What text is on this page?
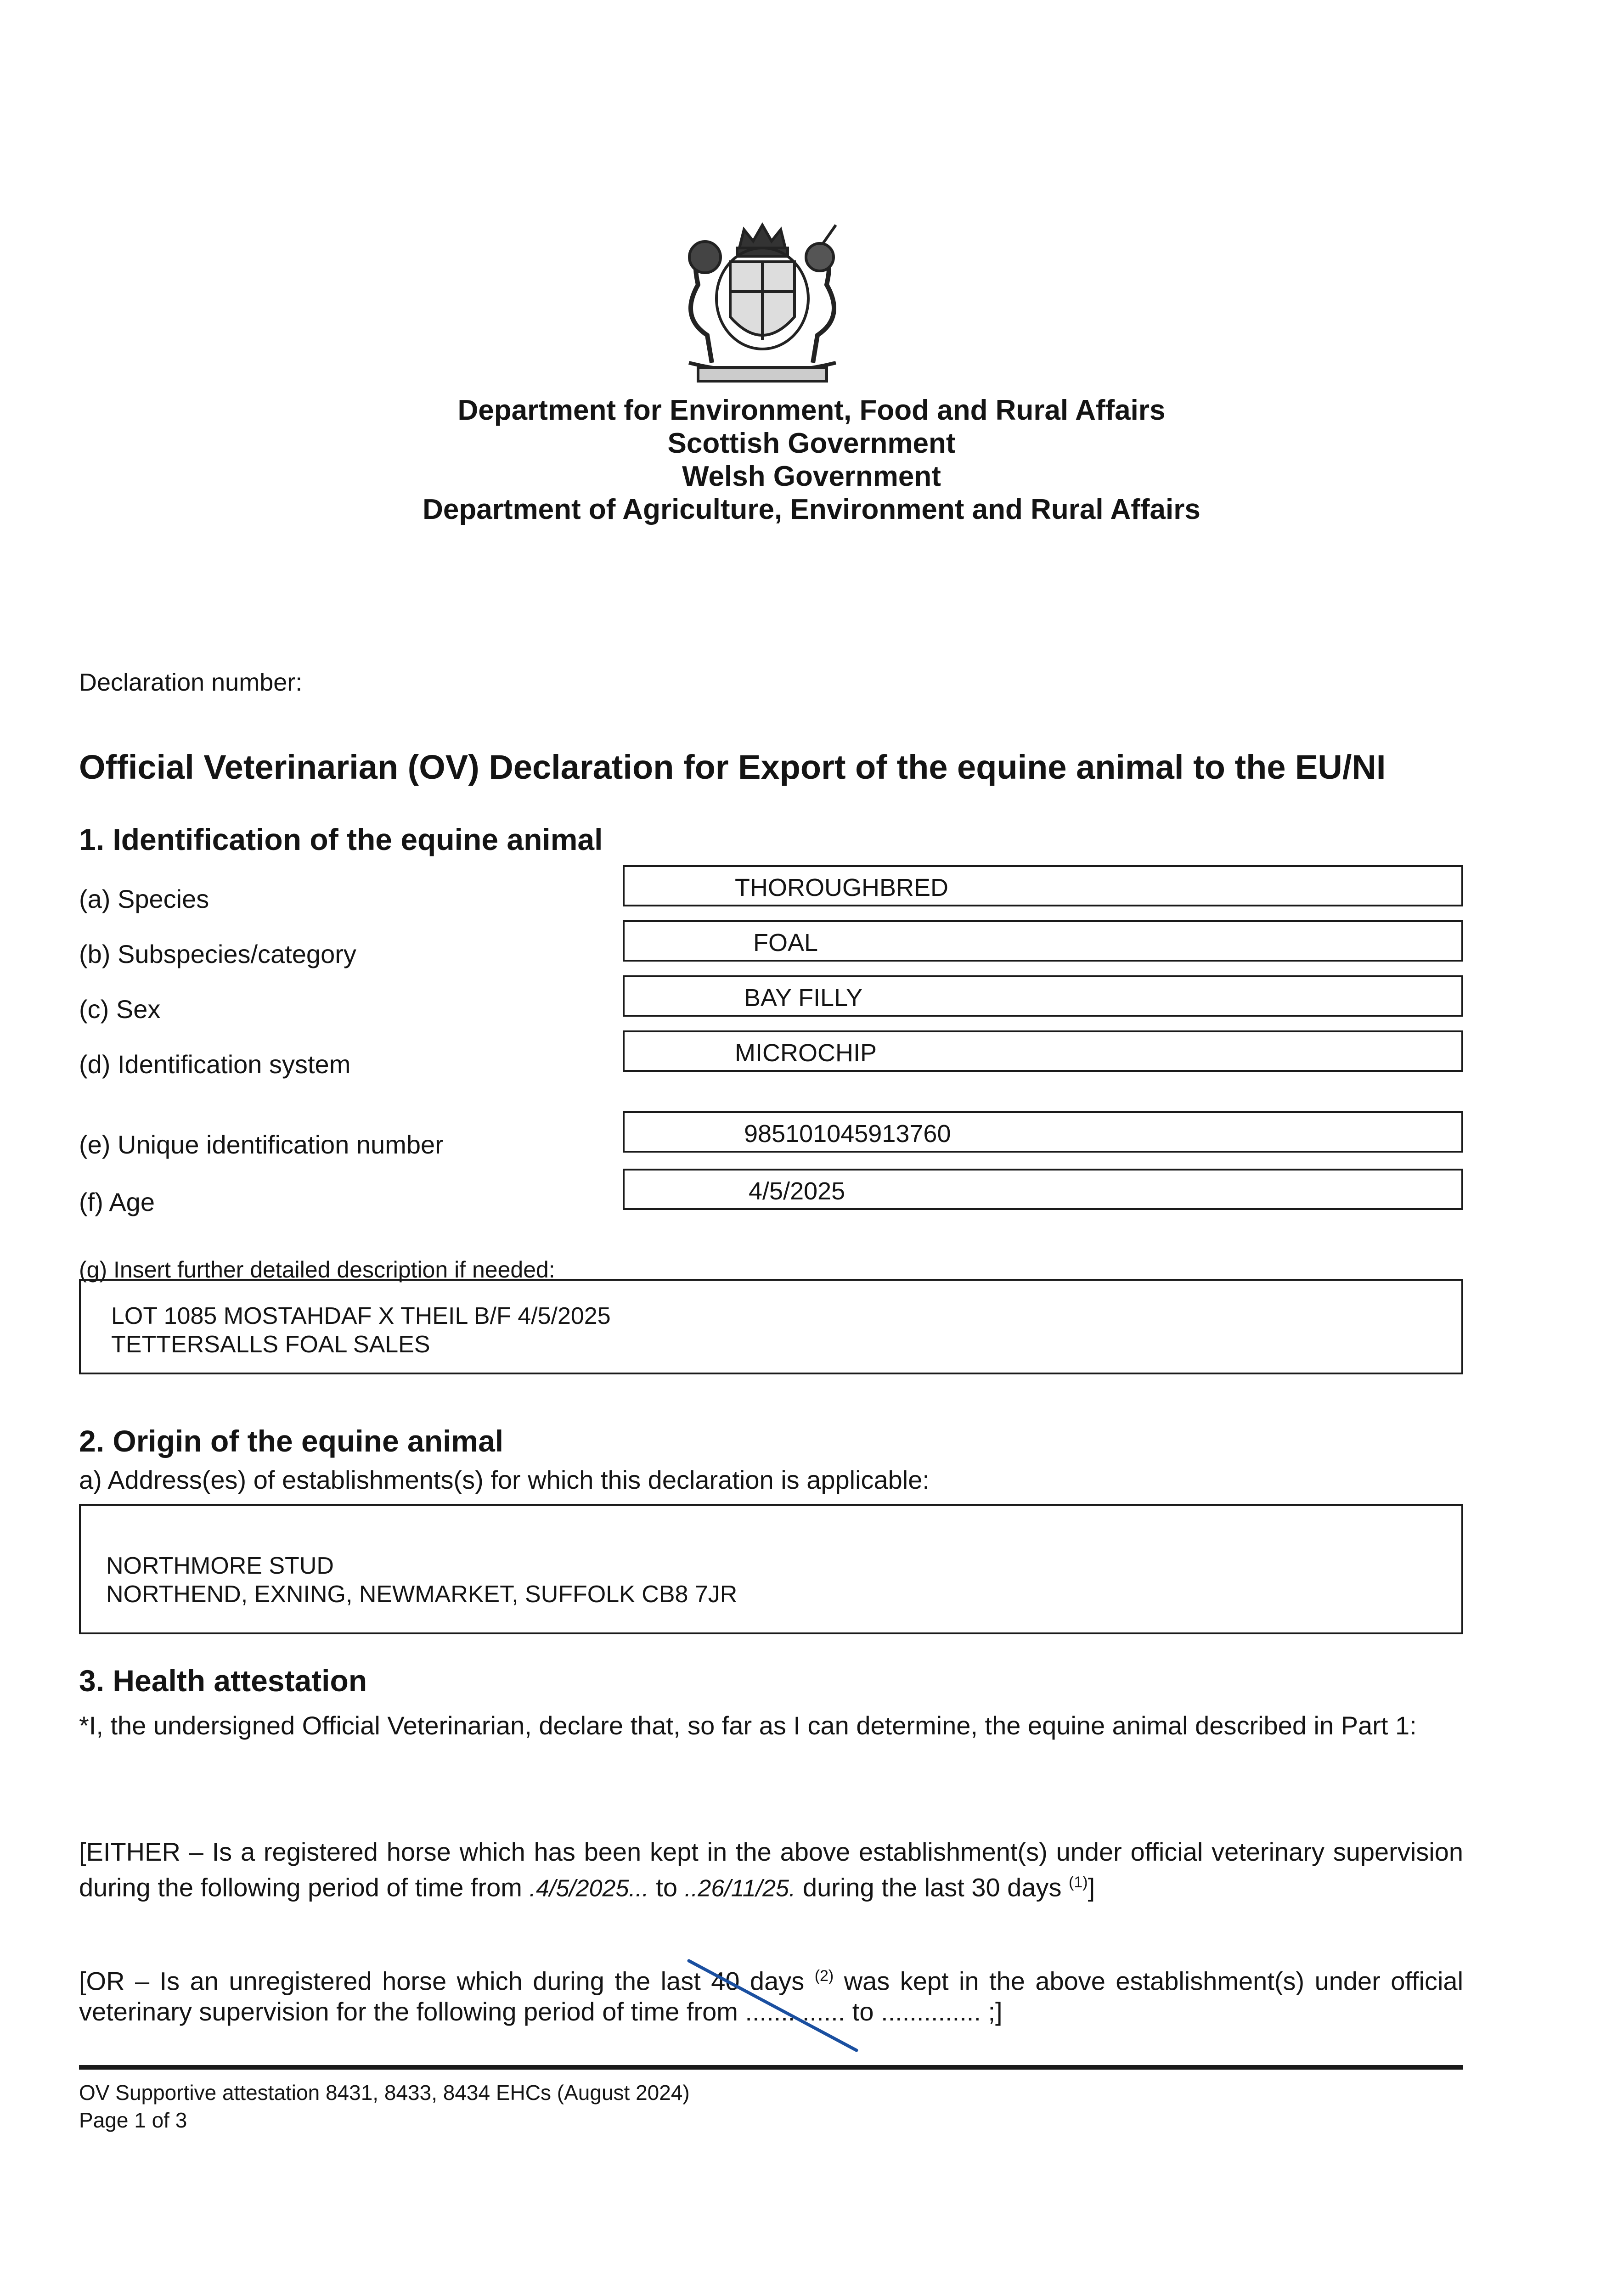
Department for Environment, Food and Rural Affairs
Scottish Government
Welsh Government
Department of Agriculture, Environment and Rural Affairs
Declaration number:
Official Veterinarian (OV) Declaration for Export of the equine animal to the EU/NI
1. Identification of the equine animal
(a) Species	THOROUGHBRED
(b) Subspecies/category	FOAL
(c) Sex	BAY FILLY
(d) Identification system	MICROCHIP
(e) Unique identification number	985101045913760
(f) Age	4/5/2025
(g) Insert further detailed description if needed:
LOT 1085 MOSTAHDAF X THEIL B/F 4/5/2025
TETTERSALLS FOAL SALES
2. Origin of the equine animal
a) Address(es) of establishments(s) for which this declaration is applicable:
NORTHMORE STUD
NORTHEND, EXNING, NEWMARKET, SUFFOLK CB8 7JR
3. Health attestation
*I, the undersigned Official Veterinarian, declare that, so far as I can determine, the equine animal described in Part 1:
[EITHER – Is a registered horse which has been kept in the above establishment(s) under official veterinary supervision during the following period of time from .4/5/2025... to ..26/11/25. during the last 30 days $^{(1)}$]
[OR – Is an unregistered horse which during the last 40 days $^{(2)}$ was kept in the above establishment(s) under official veterinary supervision for the following period of time from .............. to .............. ;]
OV Supportive attestation 8431, 8433, 8434 EHCs (August 2024)
Page 1 of 3
